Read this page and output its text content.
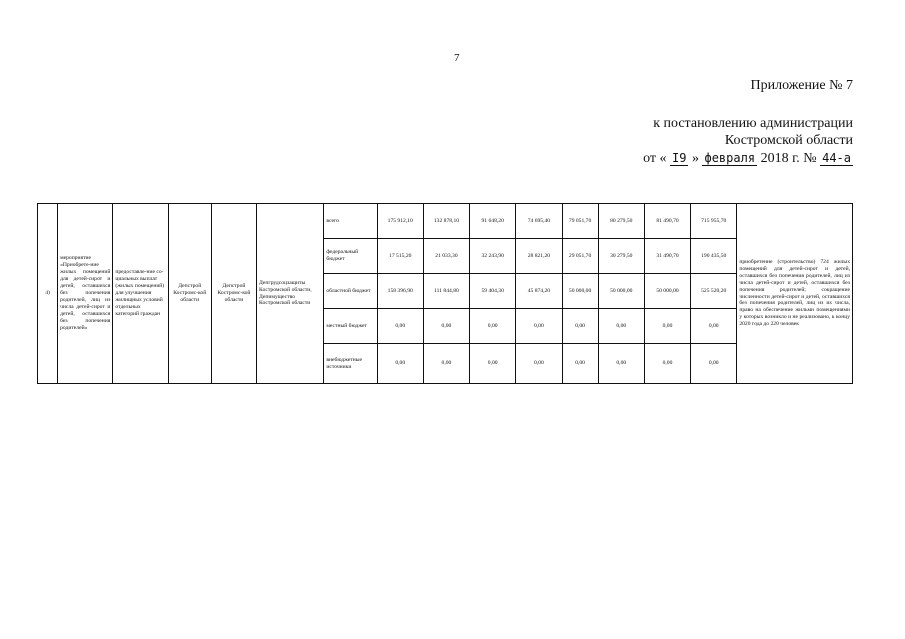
7
Приложение № 7
к постановлению администрации
Костромской области
от « I9 » февраля 2018 г. № 44-а
4)	мероприятие «Приобрете-ние жилых помещений для детей-сирот и детей, оставшихся без попечения родителей, лиц из числа детей-сирот и детей, оставшихся без попечения родителей»	предоставле-ние со-циальных выплат (жилых помещений) для улучшения жилищных условий отдельных категорий граждан	Депстрой Костромс-кой области	Депстрой Костромс-кой области	Депгрудсоцзащиты Костромской области, Депимущество Костромской области	всего	175 912,10	132 878,10	91 648,20	74 695,40	79 051,70	80 279,50	81 490,70	715 955,70	приобретение (строительство) 724 жилых помещений для детей-сирот и детей, оставшихся без попечения родителей, лиц из числа детей-сирот и детей, оставшихся без попечения родителей; сокращение численности детей-сирот и детей, оставшихся без попечения родителей, лиц из их числа, право на обеспечение жильми помещениями у которых возникло и не реализовано, к концу 2020 года до 220 человек
						федеральный бюджет	17 515,20	21 033,30	32 243,90	28 821,20	29 051,70	30 279,50	31 490,70	190 435,50	
						областной бюджет	158 396,90	111 844,80	59 404,30	45 874,20	50 000,00	50 000,00	50 000,00	525 520,20	
						местный бюджет	0,00	0,00	0,00	0,00	0,00	0,00	0,00	0,00	
						внебюджетные источники	0,00	0,00	0,00	0,00	0,00	0,00	0,00	0,00	
